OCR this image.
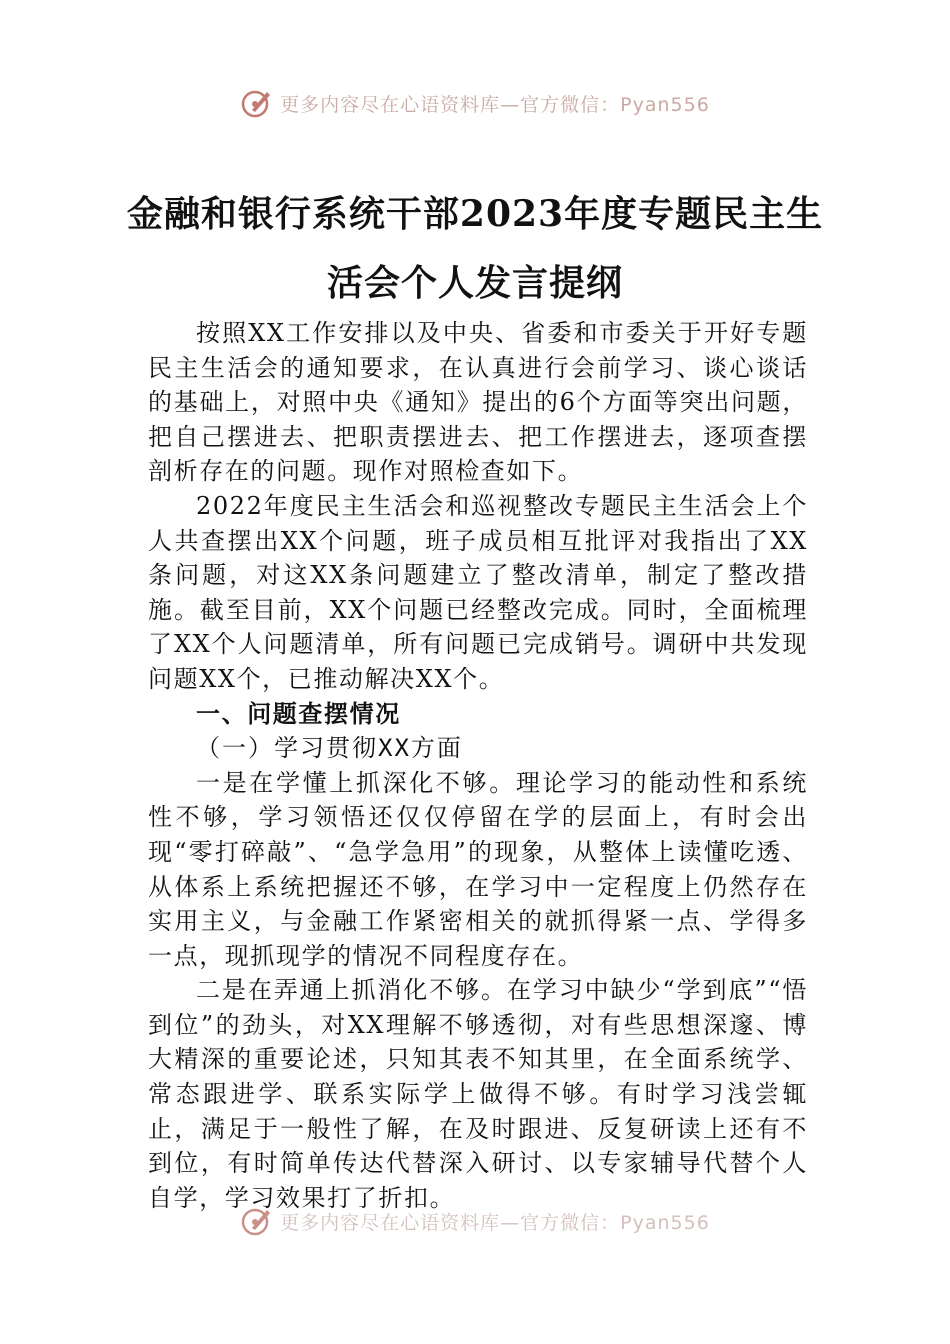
更多内容尽在心语资料库—官方微信：Pyan556
金融和银行系统干部2023年度专题民主生
活会个人发言提纲

按照XX工作安排以及中央、省委和市委关于开好专题民主生活会的通知要求，在认真进行会前学习、谈心谈话的基础上，对照中央《通知》提出的6个方面等突出问题，把自己摆进去、把职责摆进去、把工作摆进去，逐项查摆剖析存在的问题。现作对照检查如下。

2022年度民主生活会和巡视整改专题民主生活会上个人共查摆出XX个问题，班子成员相互批评对我指出了XX条问题，对这XX条问题建立了整改清单，制定了整改措施。截至目前，XX个问题已经整改完成。同时，全面梳理了XX个人问题清单，所有问题已完成销号。调研中共发现问题XX个，已推动解决XX个。

一、问题查摆情况
（一）学习贯彻XX方面

一是在学懂上抓深化不够。理论学习的能动性和系统性不够，学习领悟还仅仅停留在学的层面上，有时会出现“零打碎敲”、“急学急用”的现象，从整体上读懂吃透、从体系上系统把握还不够，在学习中一定程度上仍然存在实用主义，与金融工作紧密相关的就抓得紧一点、学得多一点，现抓现学的情况不同程度存在。

二是在弄通上抓消化不够。在学习中缺少“学到底”“悟到位”的劲头，对XX理解不够透彻，对有些思想深邃、博大精深的重要论述，只知其表不知其里，在全面系统学、常态跟进学、联系实际学上做得不够。有时学习浅尝辄止，满足于一般性了解，在及时跟进、反复研读上还有不到位，有时简单传达代替深入研讨、以专家辅导代替个人自学，学习效果打了折扣。

更多内容尽在心语资料库—官方微信：Pyan556
